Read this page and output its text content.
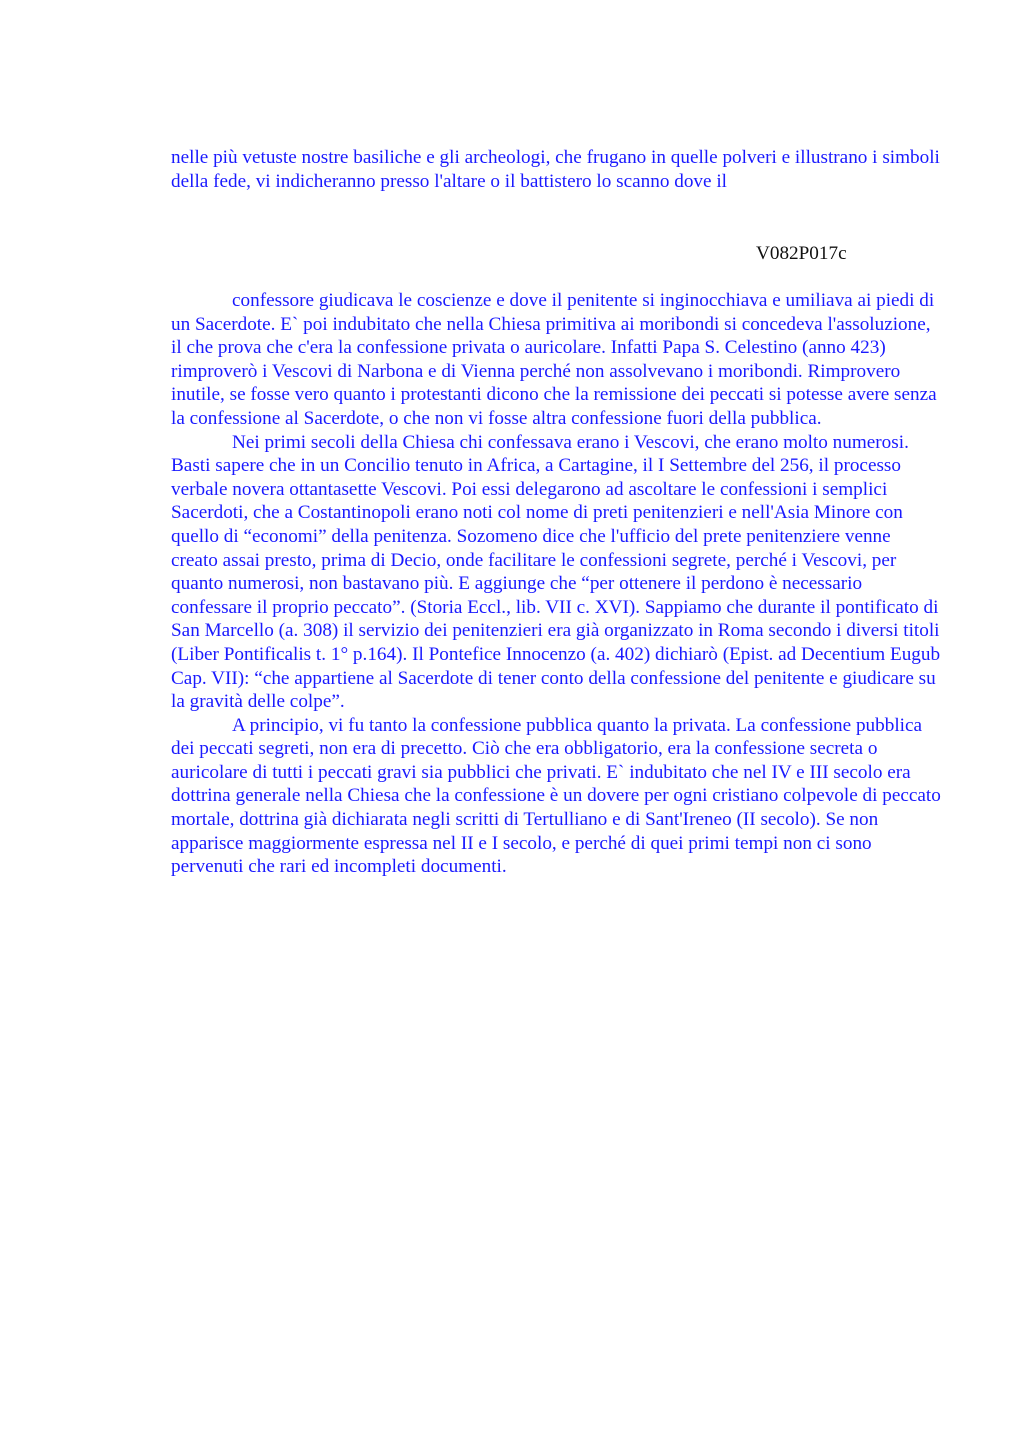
nelle più vetuste nostre basiliche e gli archeologi, che frugano in quelle polveri e illustrano i simboli della fede, vi indicheranno presso l'altare o il battistero lo scanno dove il

V082P017c

confessore giudicava le coscienze e dove il penitente si inginocchiava e umiliava ai piedi di un Sacerdote. E` poi indubitato che nella Chiesa primitiva ai moribondi si concedeva l'assoluzione, il che prova che c'era la confessione privata o auricolare. Infatti Papa S. Celestino (anno 423) rimproverò i Vescovi di Narbona e di Vienna perché non assolvevano i moribondi. Rimprovero inutile, se fosse vero quanto i protestanti dicono che la remissione dei peccati si potesse avere senza la confessione al Sacerdote, o che non vi fosse altra confessione fuori della pubblica.

Nei primi secoli della Chiesa chi confessava erano i Vescovi, che erano molto numerosi. Basti sapere che in un Concilio tenuto in Africa, a Cartagine, il I Settembre del 256, il processo verbale novera ottantasette Vescovi. Poi essi delegarono ad ascoltare le confessioni i semplici Sacerdoti, che a Costantinopoli erano noti col nome di preti penitenzieri e nell'Asia Minore con quello di “economi” della penitenza. Sozomeno dice che l'ufficio del prete penitenziere venne creato assai presto, prima di Decio, onde facilitare le confessioni segrete, perché i Vescovi, per quanto numerosi, non bastavano più. E aggiunge che “per ottenere il perdono è necessario confessare il proprio peccato”. (Storia Eccl., lib. VII c. XVI). Sappiamo che durante il pontificato di San Marcello (a. 308) il servizio dei penitenzieri era già organizzato in Roma secondo i diversi titoli (Liber Pontificalis t. 1° p.164). Il Pontefice Innocenzo (a. 402) dichiarò (Epist. ad Decentium Eugub Cap. VII): “che appartiene al Sacerdote di tener conto della confessione del penitente e giudicare su la gravità delle colpe”.

A principio, vi fu tanto la confessione pubblica quanto la privata. La confessione pubblica dei peccati segreti, non era di precetto. Ciò che era obbligatorio, era la confessione secreta o auricolare di tutti i peccati gravi sia pubblici che privati. E` indubitato che nel IV e III secolo era dottrina generale nella Chiesa che la confessione è un dovere per ogni cristiano colpevole di peccato mortale, dottrina già dichiarata negli scritti di Tertulliano e di Sant'Ireneo (II secolo). Se non apparisce maggiormente espressa nel II e I secolo, e perché di quei primi tempi non ci sono pervenuti che rari ed incompleti documenti.
